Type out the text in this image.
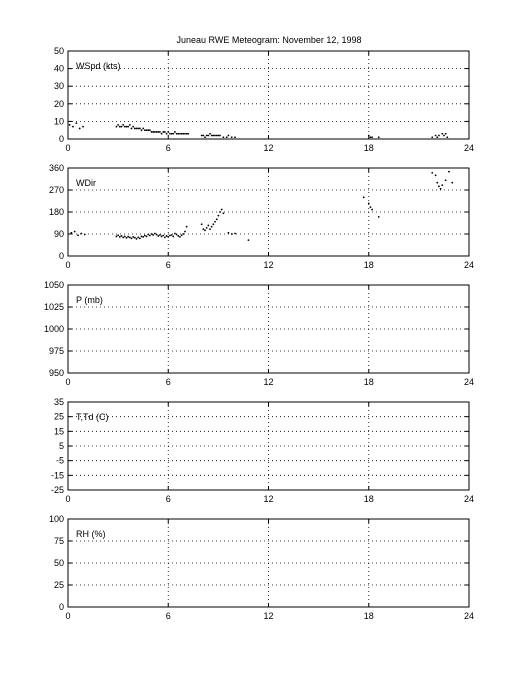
Juneau RWE Meteogram: November 12, 1998
0	6	12	18	24
0
10
20
30
40
50
WSpd (kts)
0	6	12	18	24
0
90
180
270
360
WDir
0	6	12	18	24
950
975
1000
1025
1050
P (mb)
0	6	12	18	24
-25
-15
-5
5
15
25
35
T,Td (C)
0	6	12	18	24
0
25
50
75
100
RH (%)
